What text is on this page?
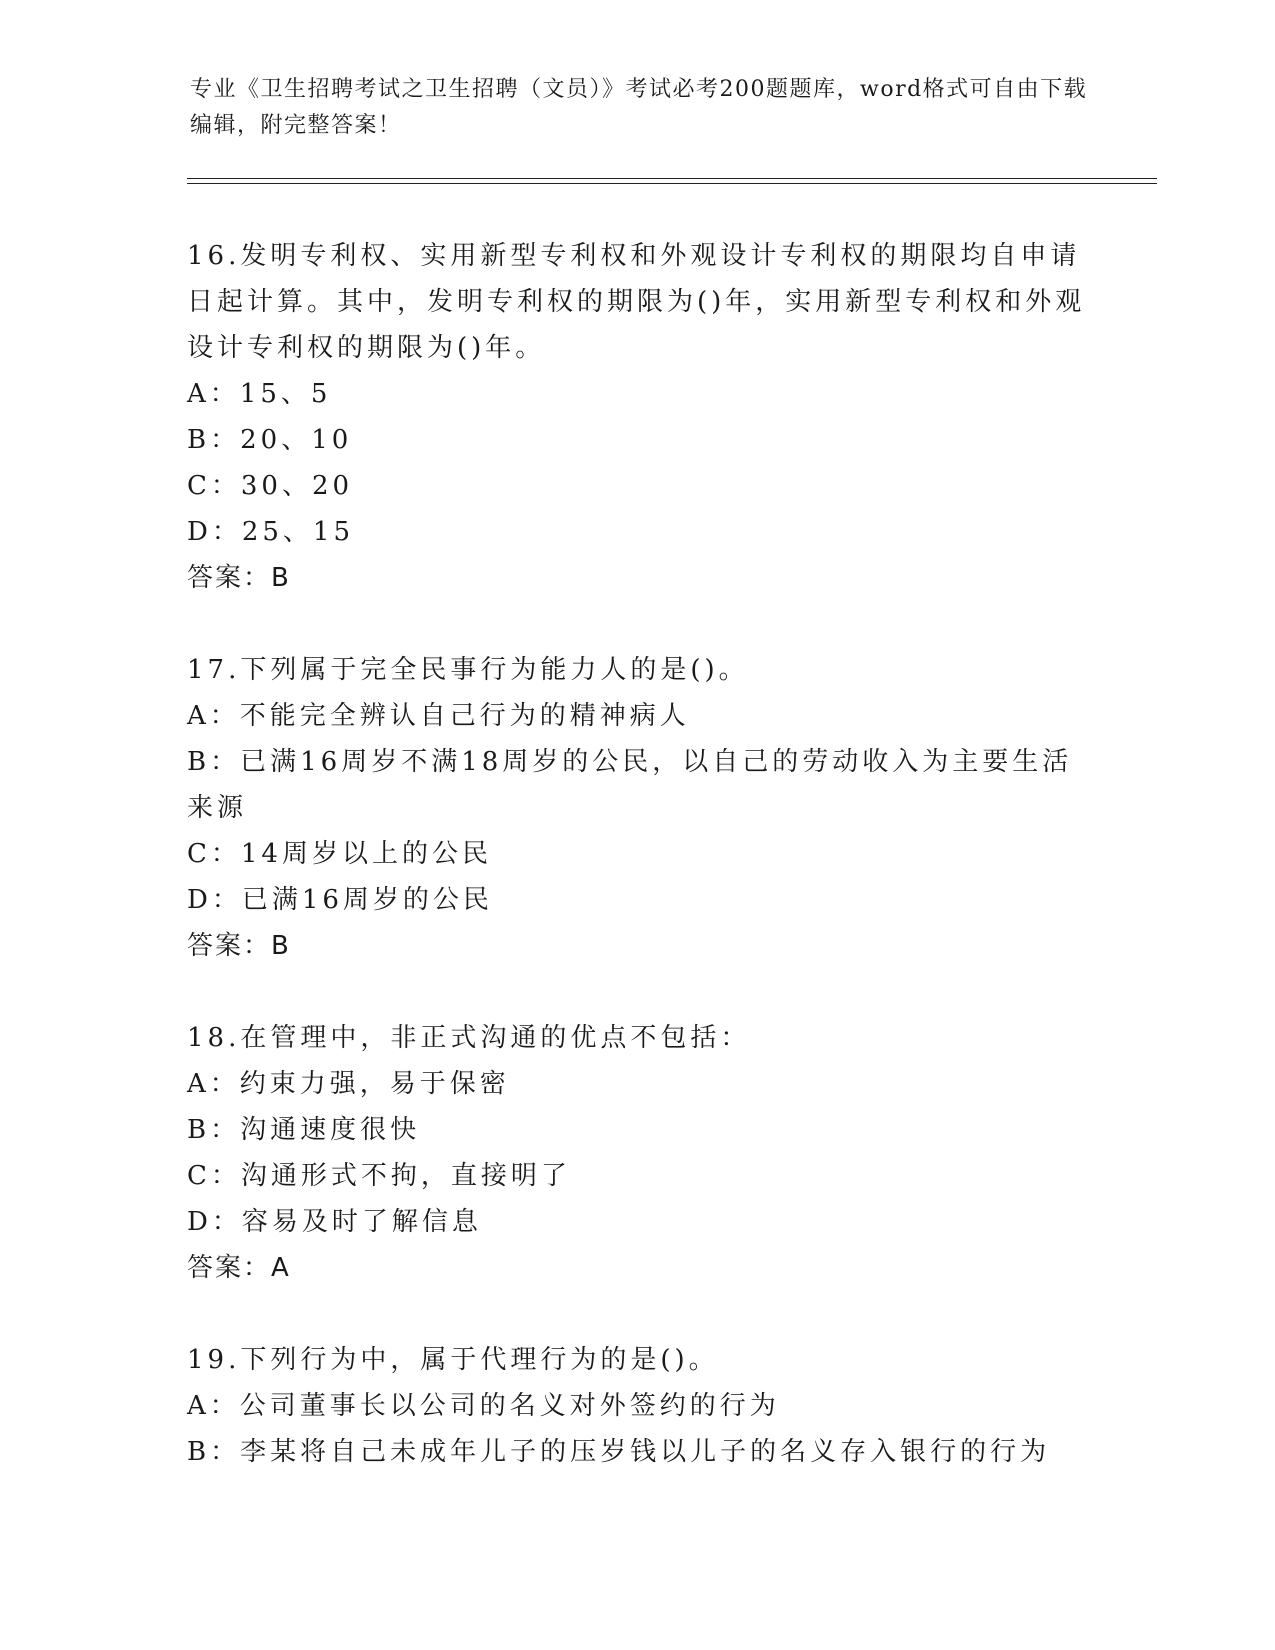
专业《卫生招聘考试之卫生招聘（文员）》考试必考200题题库，word格式可自由下载编辑，附完整答案！

16.发明专利权、实用新型专利权和外观设计专利权的期限均自申请日起计算。其中，发明专利权的期限为()年，实用新型专利权和外观设计专利权的期限为()年。

A：15、5

B：20、10

C：30、20

D：25、15

答案：B

17.下列属于完全民事行为能力人的是()。

A：不能完全辨认自己行为的精神病人

B：已满16周岁不满18周岁的公民，以自己的劳动收入为主要生活来源

C：14周岁以上的公民

D：已满16周岁的公民

答案：B

18.在管理中，非正式沟通的优点不包括：

A：约束力强，易于保密

B：沟通速度很快

C：沟通形式不拘，直接明了

D：容易及时了解信息

答案：A

19.下列行为中，属于代理行为的是()。

A：公司董事长以公司的名义对外签约的行为

B：李某将自己未成年儿子的压岁钱以儿子的名义存入银行的行为
